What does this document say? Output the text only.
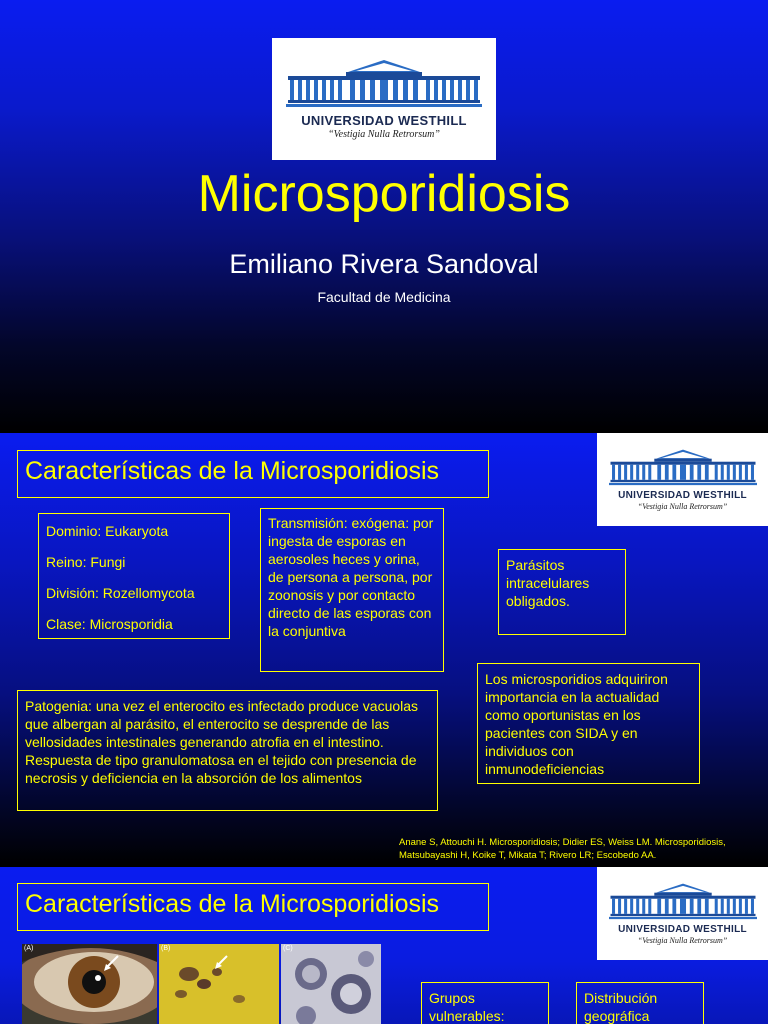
UNIVERSIDAD WESTHILL
“Vestigia Nulla Retrorsum”
Microsporidiosis
Emiliano Rivera Sandoval
Facultad de Medicina
Características de la Microsporidiosis
UNIVERSIDAD WESTHILL
“Vestigia Nulla Retrorsum”
Dominio: Eukaryota
Reino: Fungi
División: Rozellomycota
Clase: Microsporidia
Transmisión: exógena: por ingesta de esporas en aerosoles heces y orina, de persona a persona, por zoonosis y por contacto directo de las esporas con la conjuntiva
Parásitos intracelulares obligados.
Patogenia: una vez el enterocito es infectado produce vacuolas que albergan al parásito, el enterocito se desprende de las vellosidades intestinales generando atrofia en el intestino. Respuesta de tipo granulomatosa en el tejido con presencia de necrosis y deficiencia en la absorción de los alimentos
Los microsporidios adquiriron importancia en la actualidad como oportunistas en los pacientes con SIDA y en individuos con inmunodeficiencias
Anane S, Attouchi H. Microsporidiosis; Didier ES, Weiss LM. Microsporidiosis,
Matsubayashi H, Koike T, Mikata T; Rivero LR; Escobedo AA.
Características de la Microsporidiosis
UNIVERSIDAD WESTHILL
“Vestigia Nulla Retrorsum”
(A)	(B)	(C)
Grupos vulnerables:
Distribución geográfica
